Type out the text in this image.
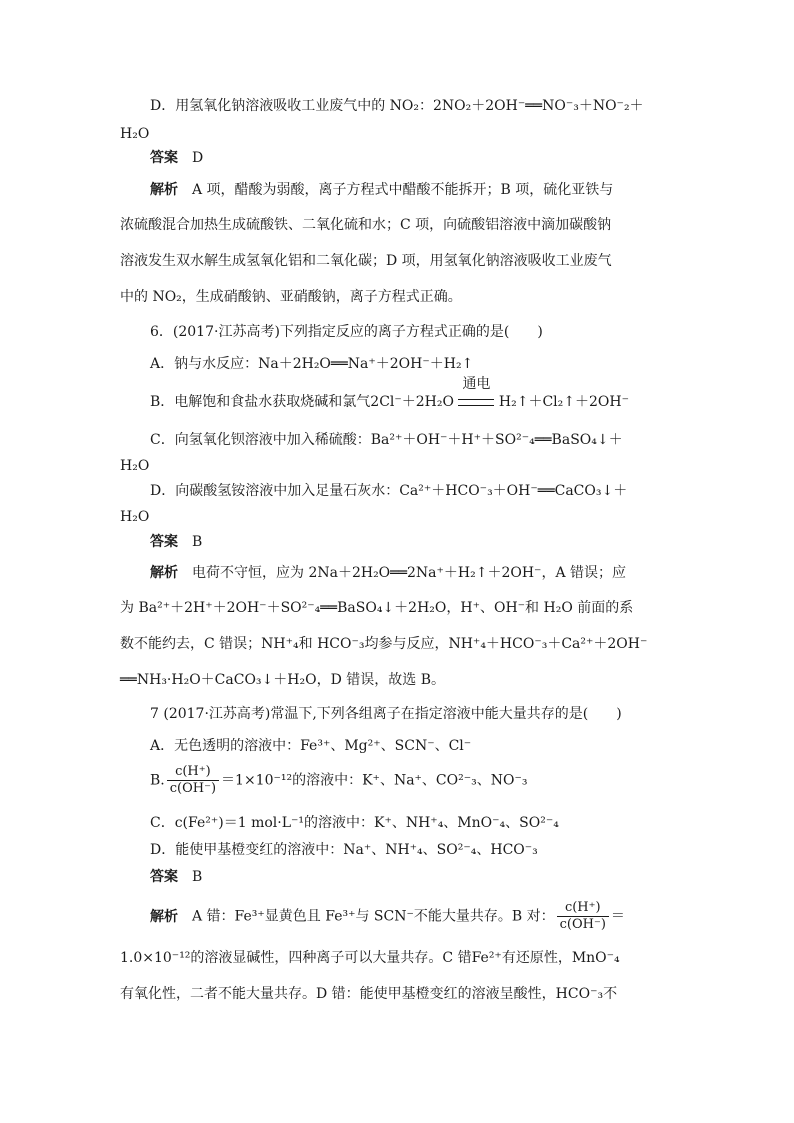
D．用氢氧化钠溶液吸收工业废气中的 NO₂：2NO₂＋2OH⁻══NO⁻₃＋NO⁻₂＋
H₂O
答案 D
解析 A 项，醋酸为弱酸，离子方程式中醋酸不能拆开；B 项，硫化亚铁与
浓硫酸混合加热生成硫酸铁、二氧化硫和水；C 项，向硫酸铝溶液中滴加碳酸钠
溶液发生双水解生成氢氧化铝和二氧化碳；D 项，用氢氧化钠溶液吸收工业废气
中的 NO₂，生成硝酸钠、亚硝酸钠，离子方程式正确。
6．(2017·江苏高考)下列指定反应的离子方程式正确的是(　　)
A．钠与水反应：Na＋2H₂O══Na⁺＋2OH⁻＋H₂↑
B．电解饱和食盐水获取烧碱和氯气2Cl⁻＋2H₂O
通电
H₂↑＋Cl₂↑＋2OH⁻
C．向氢氧化钡溶液中加入稀硫酸：Ba²⁺＋OH⁻＋H⁺＋SO²⁻₄══BaSO₄↓＋
H₂O
D．向碳酸氢铵溶液中加入足量石灰水：Ca²⁺＋HCO⁻₃＋OH⁻══CaCO₃↓＋
H₂O
答案 B
解析 电荷不守恒，应为 2Na＋2H₂O══2Na⁺＋H₂↑＋2OH⁻，A 错误；应
为 Ba²⁺＋2H⁺＋2OH⁻＋SO²⁻₄══BaSO₄↓＋2H₂O，H⁺、OH⁻和 H₂O 前面的系
数不能约去，C 错误；NH⁺₄和 HCO⁻₃均参与反应，NH⁺₄＋HCO⁻₃＋Ca²⁺＋2OH⁻
══NH₃·H₂O＋CaCO₃↓＋H₂O，D 错误，故选 B。
7 (2017·江苏高考)常温下,下列各组离子在指定溶液中能大量共存的是(　　)
A．无色透明的溶液中：Fe³⁺、Mg²⁺、SCN⁻、Cl⁻
B. $\frac{c(H^+)}{c(OH^-)} =1\times 10^{-12}$的溶液中：K⁺、Na⁺、CO²⁻₃、NO⁻₃
C．c(Fe²⁺)＝1 mol·L⁻¹的溶液中：K⁺、NH⁺₄、MnO⁻₄、SO²⁻₄
D．能使甲基橙变红的溶液中：Na⁺、NH⁺₄、SO²⁻₄、HCO⁻₃
答案 B
解析 A 错：Fe³⁺显黄色且 Fe³⁺与 SCN⁻不能大量共存。B 对： $\frac{c(H^+)}{c(OH^-)}$ ＝
1.0×10⁻¹²的溶液显碱性，四种离子可以大量共存。C 错Fe²⁺有还原性，MnO⁻₄
有氧化性，二者不能大量共存。D 错：能使甲基橙变红的溶液呈酸性，HCO⁻₃不
